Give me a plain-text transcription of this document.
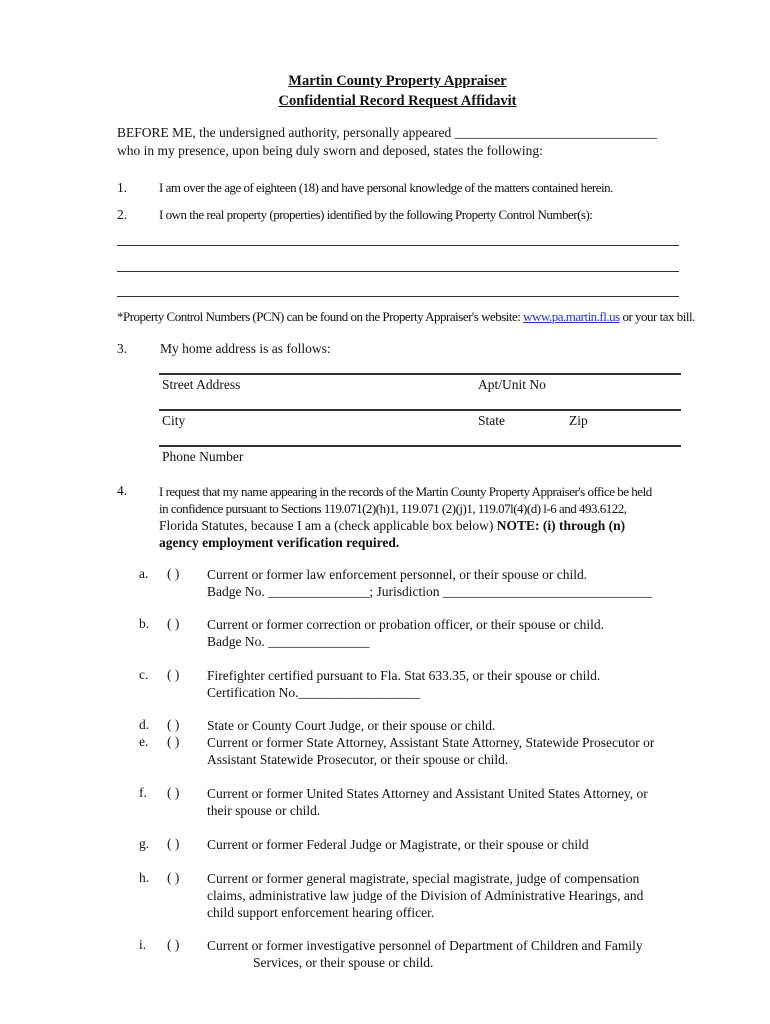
Martin County Property Appraiser
Confidential Record Request Affidavit
BEFORE ME, the undersigned authority, personally appeared ______________________________
who in my presence, upon being duly sworn and deposed, states the following:
1. I am over the age of eighteen (18) and have personal knowledge of the matters contained herein.
2. I own the real property (properties) identified by the following Property Control Number(s):
*Property Control Numbers (PCN) can be found on the Property Appraiser's website: www.pa.martin.fl.us or your tax bill.
3. My home address is as follows:
Street Address	Apt/Unit No
City	State	Zip
Phone Number
4. I request that my name appearing in the records of the Martin County Property Appraiser's office be held
in confidence pursuant to Sections 119.071(2)(h)1, 119.071 (2)(j)1, 119.07l(4)(d) l-6 and 493.6122,
Florida Statutes, because I am a (check applicable box below) NOTE: (i) through (n)
agency employment verification required.
a.	( ) Current or former law enforcement personnel, or their spouse or child.
Badge No. _______________; Jurisdiction _______________________________
b. ( ) Current or former correction or probation officer, or their spouse or child.
Badge No. _______________
c.	( ) Firefighter certified pursuant to Fla. Stat 633.35, or their spouse or child.
Certification No.__________________
d. ( ) State or County Court Judge, or their spouse or child.
e.	( ) Current or former State Attorney, Assistant State Attorney, Statewide Prosecutor or
Assistant Statewide Prosecutor, or their spouse or child.
f.	( ) Current or former United States Attorney and Assistant United States Attorney, or
their spouse or child.
g. ( ) Current or former Federal Judge or Magistrate, or their spouse or child
h. ( ) Current or former general magistrate, special magistrate, judge of compensation
claims, administrative law judge of the Division of Administrative Hearings, and
child support enforcement hearing officer.
i.	( ) Current or former investigative personnel of Department of Children and Family
Services, or their spouse or child.
